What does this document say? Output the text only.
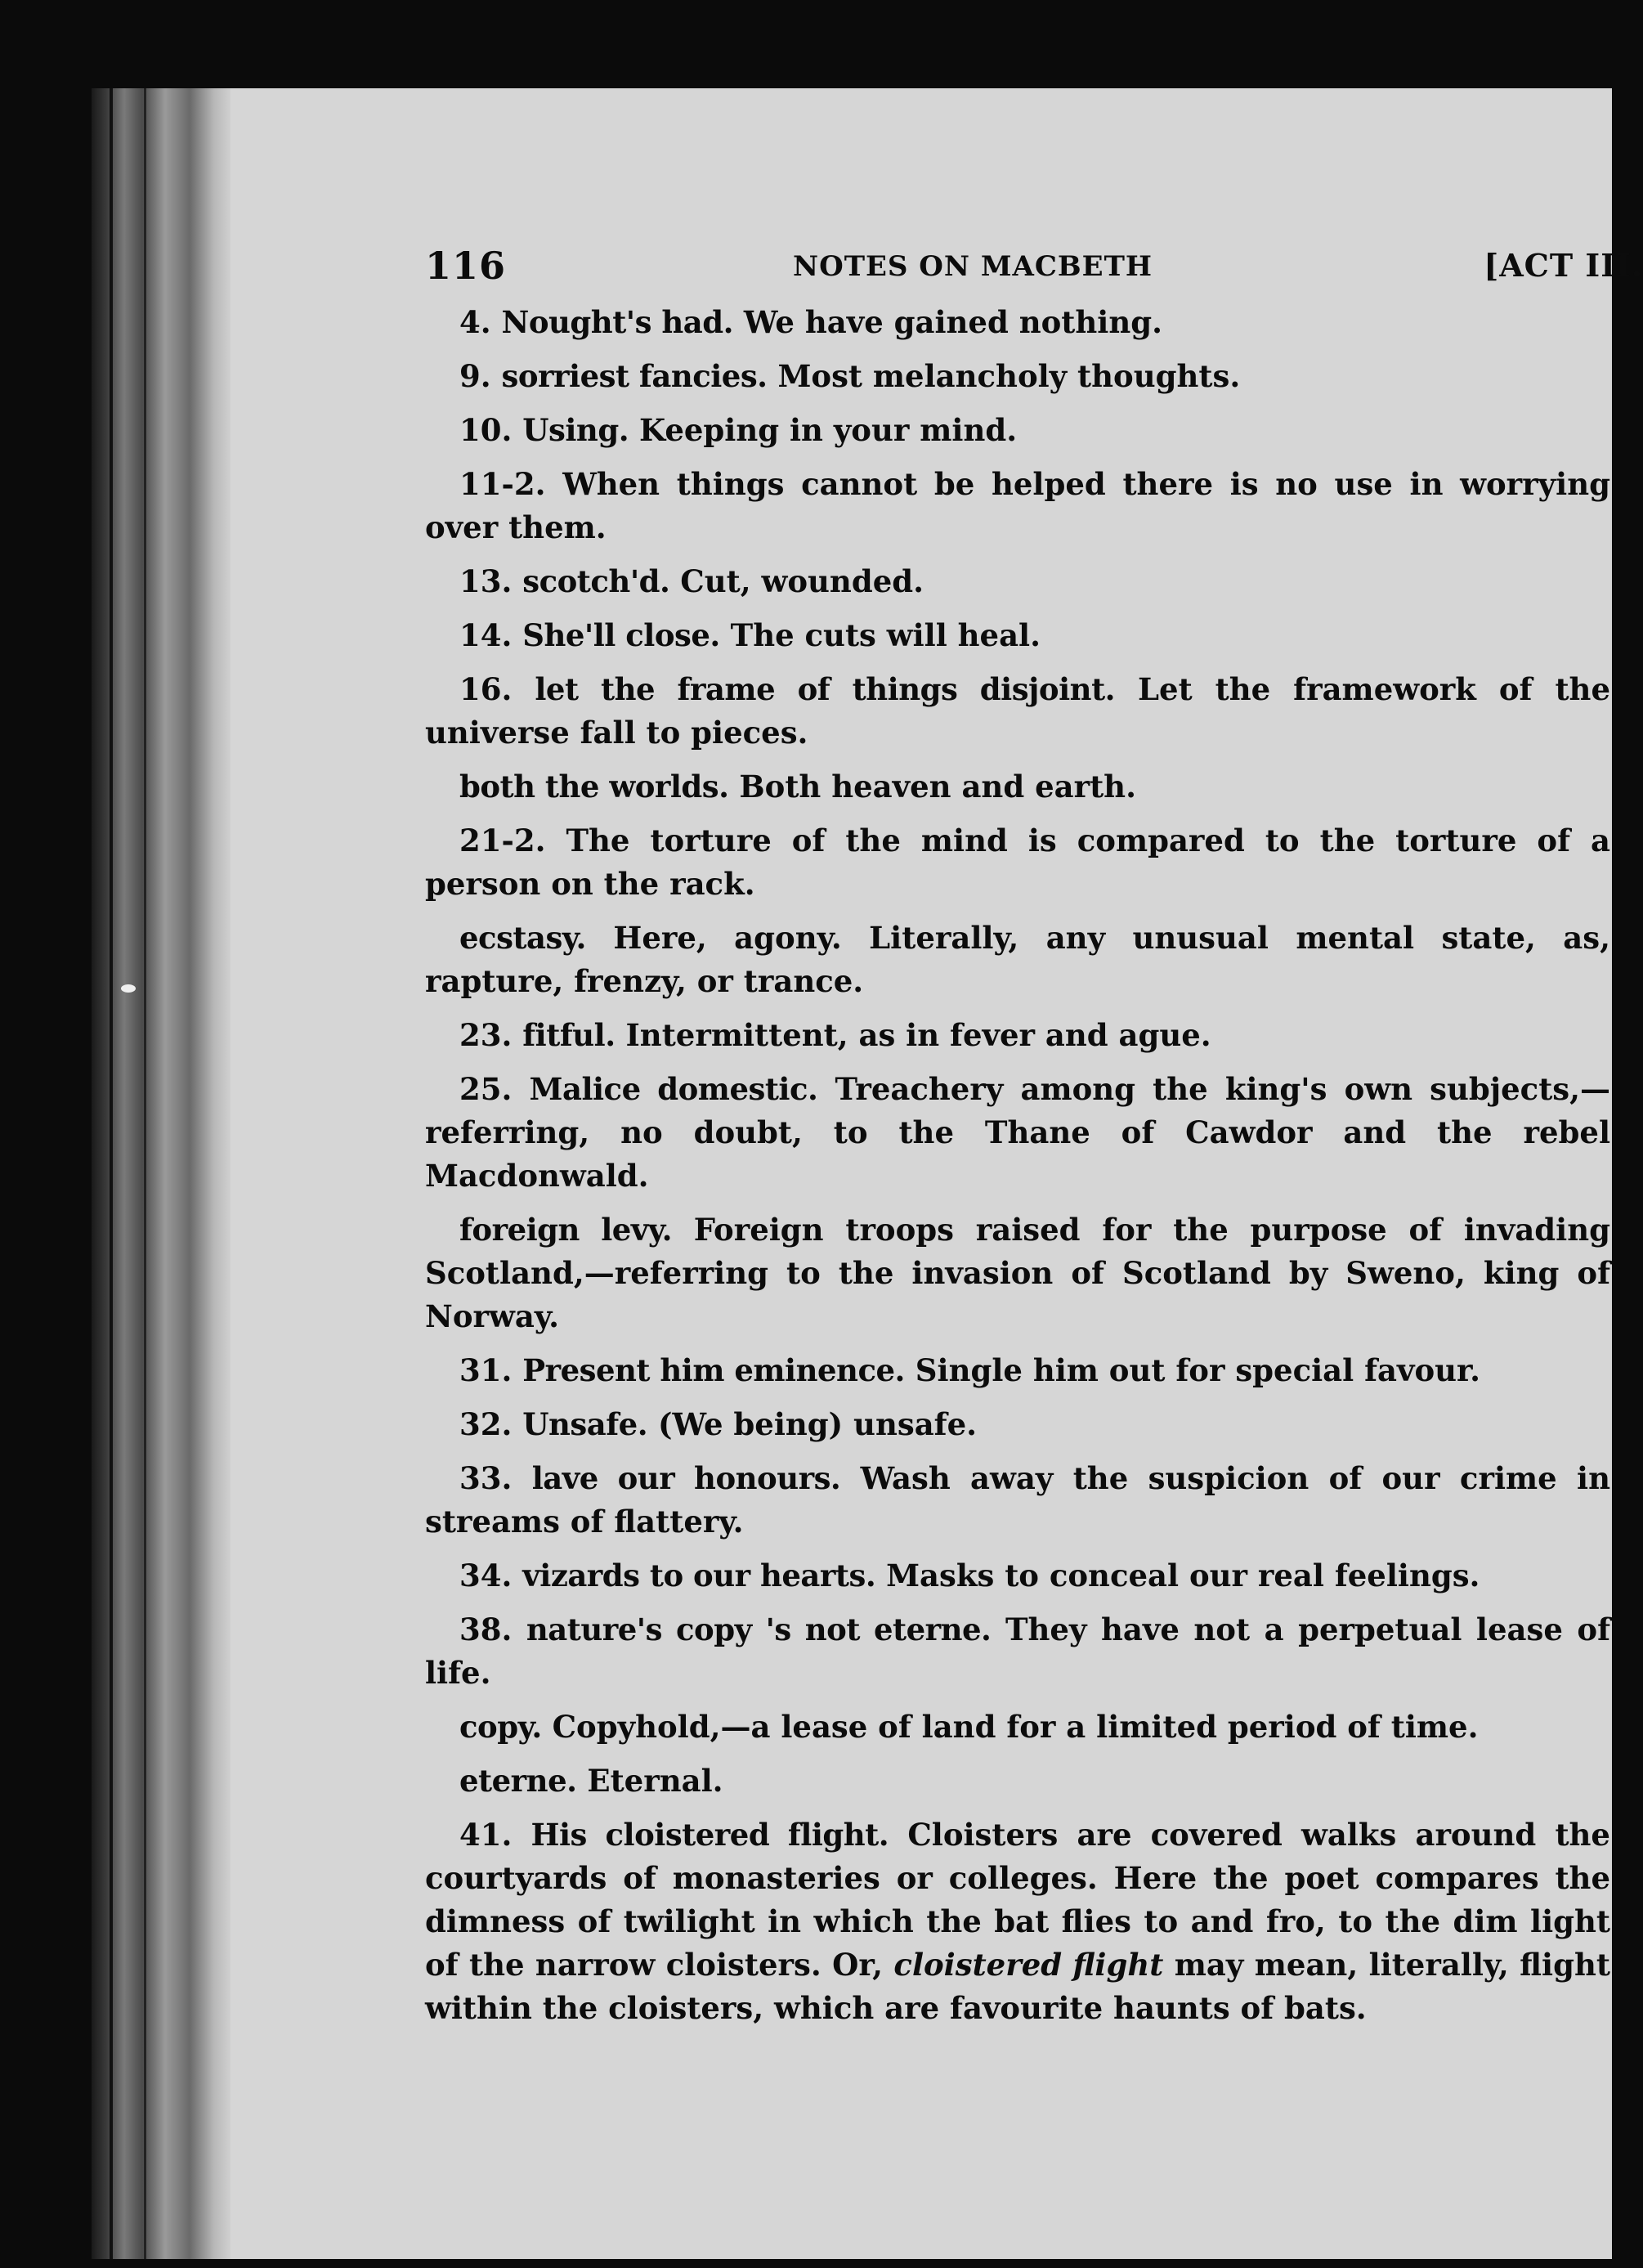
116	NOTES ON MACBETH	[ACT III.

4. Nought's had. We have gained nothing.

9. sorriest fancies. Most melancholy thoughts.

10. Using. Keeping in your mind.

11-2. When things cannot be helped there is no use in worrying over them.

13. scotch'd. Cut, wounded.

14. She'll close. The cuts will heal.

16. let the frame of things disjoint. Let the framework of the universe fall to pieces.

both the worlds. Both heaven and earth.

21-2. The torture of the mind is compared to the torture of a person on the rack.

ecstasy. Here, agony. Literally, any unusual mental state, as, rapture, frenzy, or trance.

23. fitful. Intermittent, as in fever and ague.

25. Malice domestic. Treachery among the king's own subjects,—referring, no doubt, to the Thane of Cawdor and the rebel Macdonwald.

foreign levy. Foreign troops raised for the purpose of invading Scotland,—referring to the invasion of Scotland by Sweno, king of Norway.

31. Present him eminence. Single him out for special favour.

32. Unsafe. (We being) unsafe.

33. lave our honours. Wash away the suspicion of our crime in streams of flattery.

34. vizards to our hearts. Masks to conceal our real feelings.

38. nature's copy 's not eterne. They have not a perpetual lease of life.

copy. Copyhold,—a lease of land for a limited period of time.

eterne. Eternal.

41. His cloistered flight. Cloisters are covered walks around the courtyards of monasteries or colleges. Here the poet compares the dimness of twilight in which the bat flies to and fro, to the dim light of the narrow cloisters. Or, cloistered flight may mean, literally, flight within the cloisters, which are favourite haunts of bats.
